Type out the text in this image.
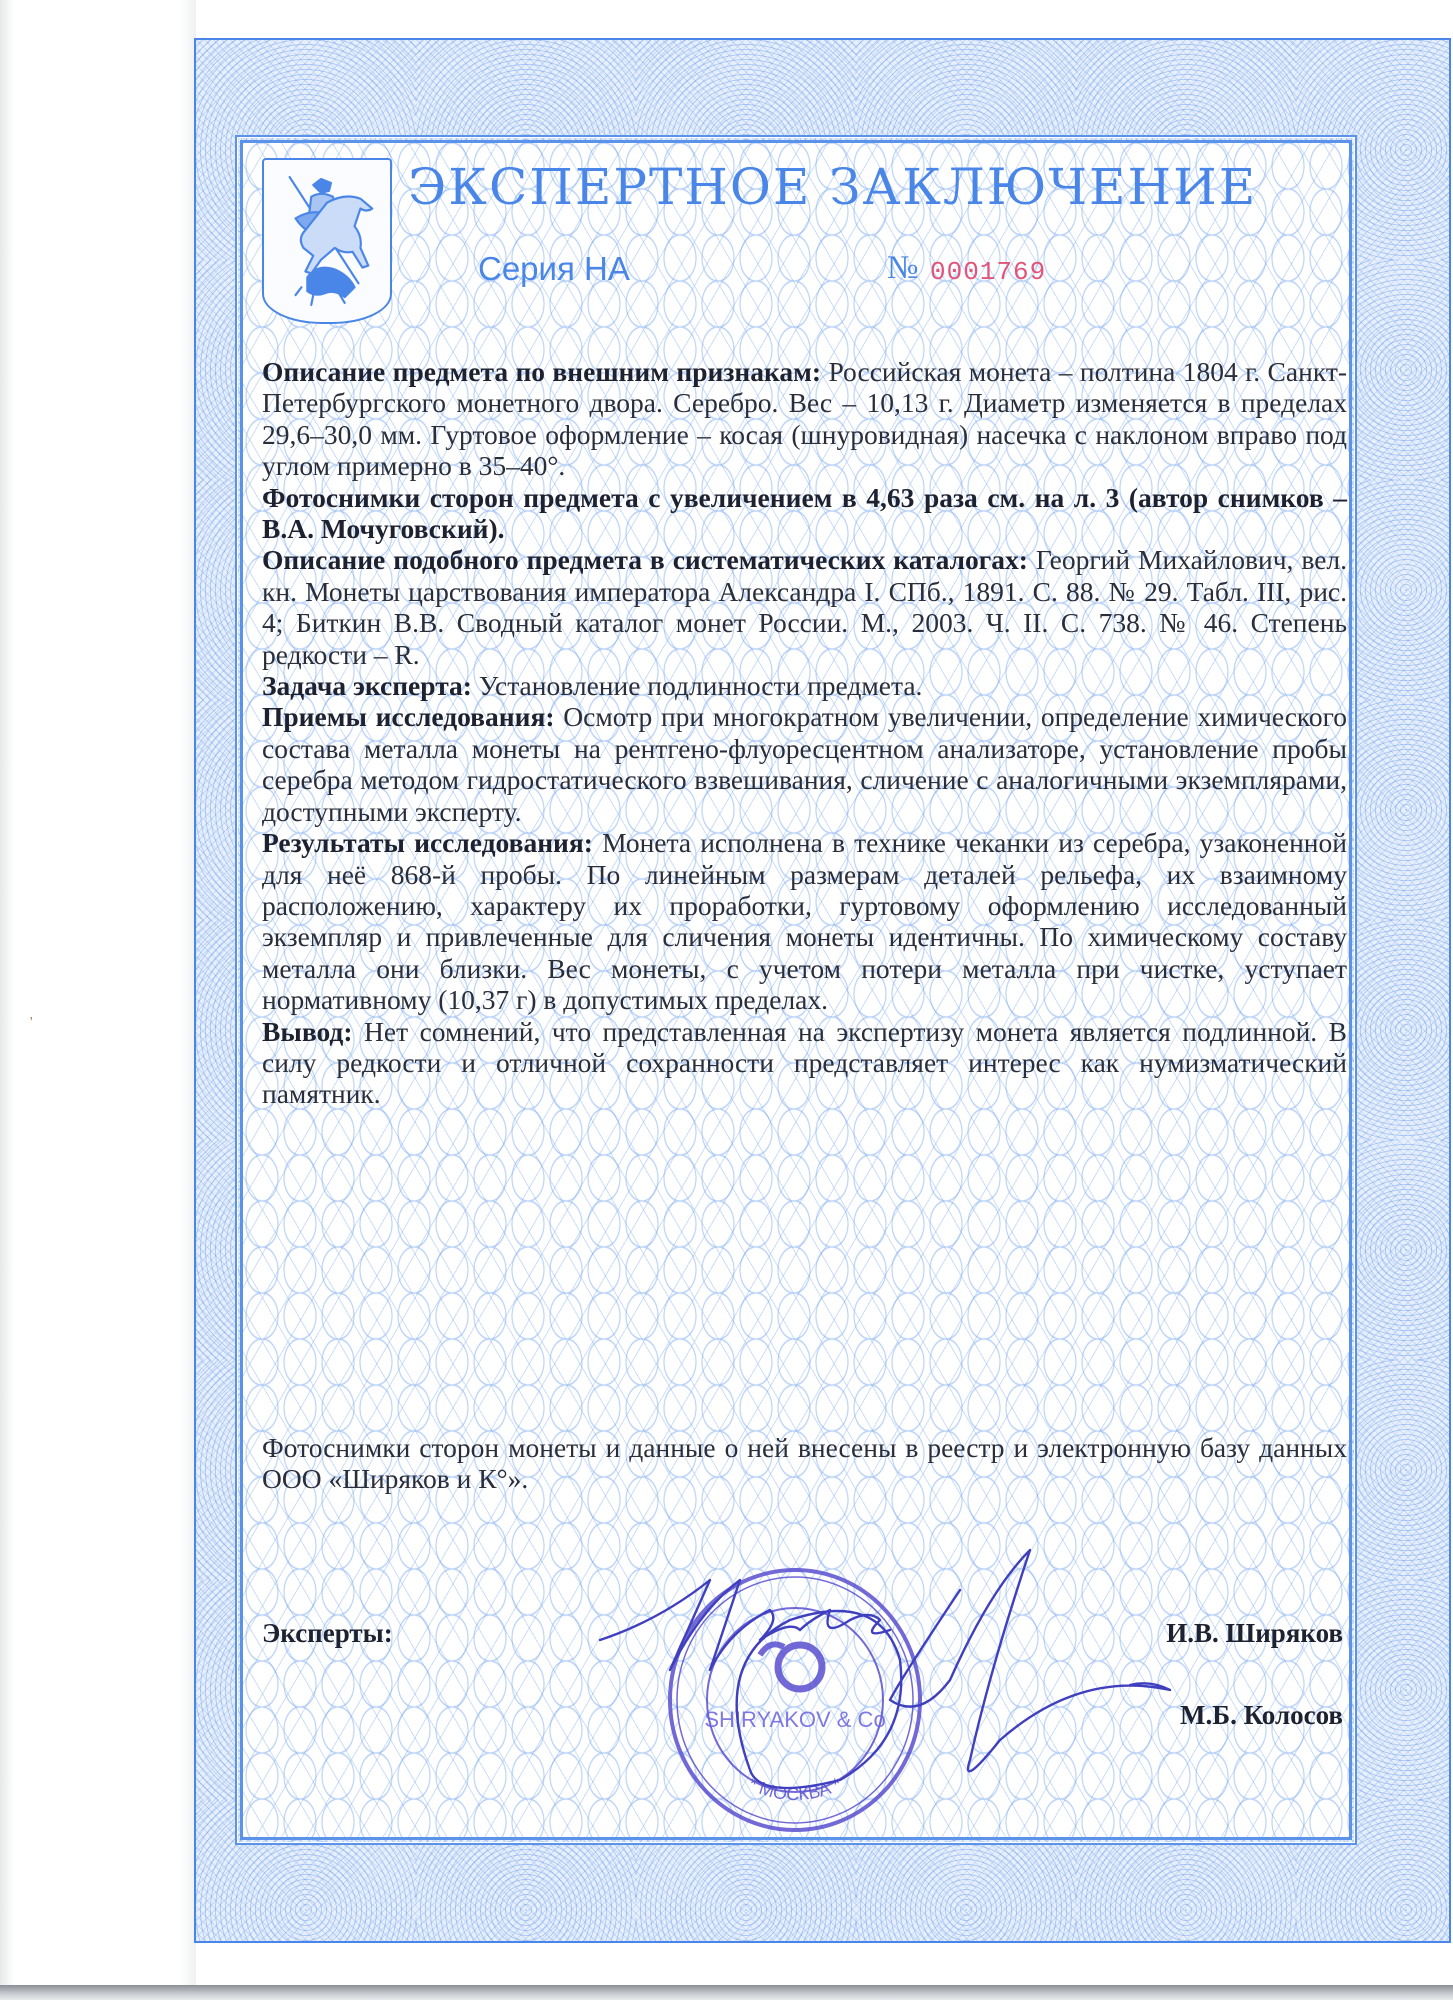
'
ЭКСПЕРТНОЕ ЗАКЛЮЧЕНИЕ
Серия НА	№ 0001769

Описание предмета по внешним признакам: Российская монета – полтина 1804 г. Санкт-Петербургского монетного двора. Серебро. Вес – 10,13 г. Диаметр изменяется в пределах 29,6–30,0 мм. Гуртовое оформление – косая (шнуровидная) насечка с наклоном вправо под углом примерно в 35–40°.

Фотоснимки сторон предмета с увеличением в 4,63 раза см. на л. 3 (автор снимков – В.А. Мочуговский).

Описание подобного предмета в систематических каталогах: Георгий Михайлович, вел. кн. Монеты царствования императора Александра I. СПб., 1891. С. 88. № 29. Табл. III, рис. 4; Биткин В.В. Сводный каталог монет России. М., 2003. Ч. II. С. 738. № 46. Степень редкости – R.

Задача эксперта: Установление подлинности предмета.

Приемы исследования: Осмотр при многократном увеличении, определение химического состава металла монеты на рентгено-флуоресцентном анализаторе, установление пробы серебра методом гидростатического взвешивания, сличение с аналогичными экземплярами, доступными эксперту.

Результаты исследования: Монета исполнена в технике чеканки из серебра, узаконенной для неё 868-й пробы. По линейным размерам деталей рельефа, их взаимному расположению, характеру их проработки, гуртовому оформлению исследованный экземпляр и привлеченные для сличения монеты идентичны. По химическому составу металла они близки. Вес монеты, с учетом потери металла при чистке, уступает нормативному (10,37 г) в допустимых пределах.

Вывод: Нет сомнений, что представленная на экспертизу монета является подлинной. В силу редкости и отличной сохранности представляет интерес как нумизматический памятник.

Фотоснимки сторон монеты и данные о ней внесены в реестр и электронную базу данных ООО «Ширяков и К°».
Эксперты:	И.В. Ширяков
М.Б. Колосов
SHIRYAKOV & Co
* МОСКВА *
